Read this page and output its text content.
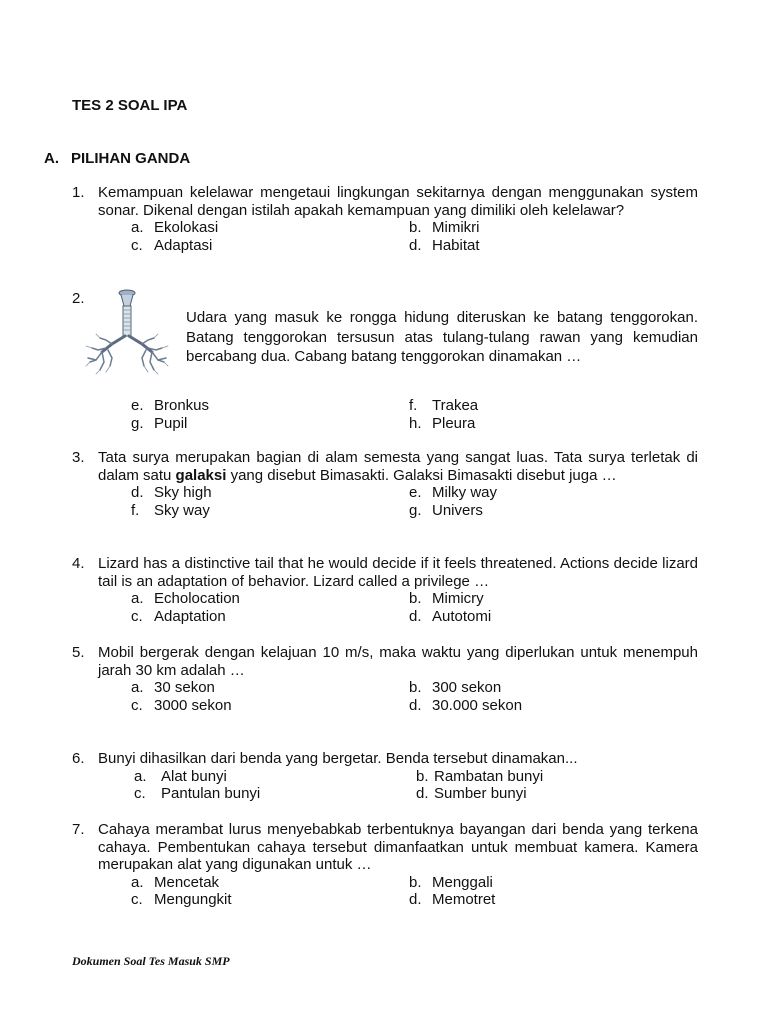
TES 2 SOAL IPA
A. PILIHAN GANDA
1. Kemampuan kelelawar mengetaui lingkungan sekitarnya dengan menggunakan system sonar. Dikenal dengan istilah apakah kemampuan yang dimiliki oleh kelelawar?
a. Ekolokasi	b. Mimikri
c. Adaptasi	d. Habitat
2.
Udara yang masuk ke rongga hidung diteruskan ke batang tenggorokan. Batang tenggorokan tersusun atas tulang-tulang rawan yang kemudian bercabang dua. Cabang batang tenggorokan dinamakan …
e. Bronkus	f. Trakea
g. Pupil	h. Pleura
3. Tata surya merupakan bagian di alam semesta yang sangat luas. Tata surya terletak di dalam satu galaksi yang disebut Bimasakti. Galaksi Bimasakti disebut juga …
d. Sky high	e. Milky way
f. Sky way	g. Univers
4. Lizard has a distinctive tail that he would decide if it feels threatened. Actions decide lizard tail is an adaptation of behavior. Lizard called a privilege …
a. Echolocation	b. Mimicry
c. Adaptation	d. Autotomi
5. Mobil bergerak dengan kelajuan 10 m/s, maka waktu yang diperlukan untuk menempuh jarah 30 km adalah …
a. 30 sekon	b. 300 sekon
c. 3000 sekon	d. 30.000 sekon
6. Bunyi dihasilkan dari benda yang bergetar. Benda tersebut dinamakan...
a. Alat bunyi	b. Rambatan bunyi
c. Pantulan bunyi	d. Sumber bunyi
7. Cahaya merambat lurus menyebabkab terbentuknya bayangan dari benda yang terkena cahaya. Pembentukan cahaya tersebut dimanfaatkan untuk membuat kamera. Kamera merupakan alat yang digunakan untuk …
a. Mencetak	b. Menggali
c. Mengungkit	d. Memotret
Dokumen Soal Tes Masuk SMP
